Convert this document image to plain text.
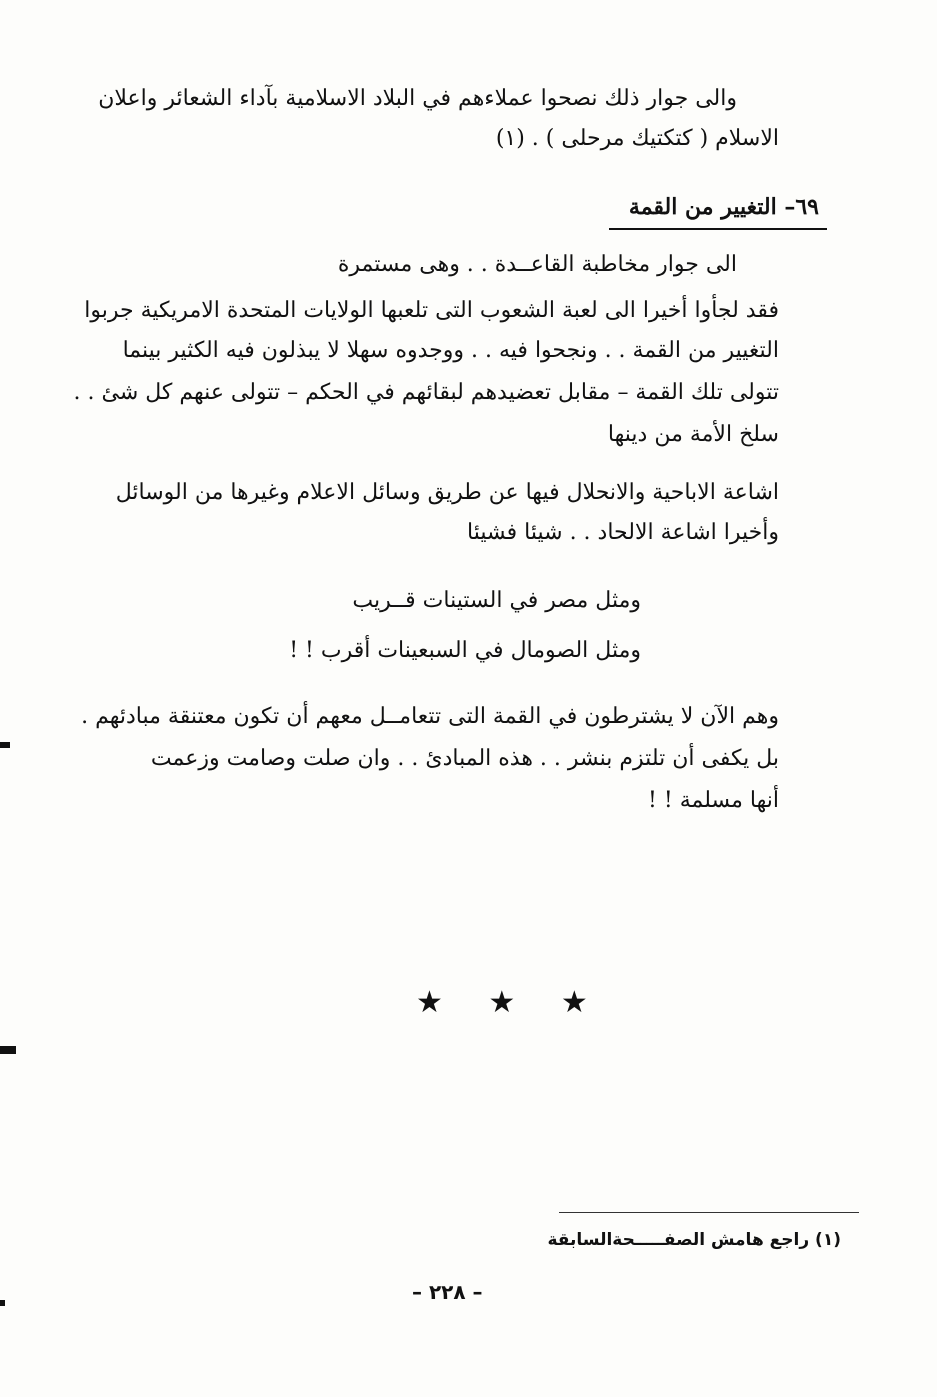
والى جوار ذلك نصحوا عملاءهم في البلاد الاسلامية بآداء الشعائر واعلان

الاسلام ( كتكتيك مرحلى ) . (١)

٦٩– التغيير من القمة

الى جوار مخاطبة القاعــدة . . وهى مستمرة

فقد لجأوا أخيرا الى لعبة الشعوب التى تلعبها الولايات المتحدة الامريكية جربوا

التغيير من القمة . . ونجحوا فيه . . ووجدوه سهلا لا يبذلون فيه الكثير بينما

تتولى تلك القمة – مقابل تعضيدهم لبقائهم في الحكم – تتولى عنهم كل شئ . .

سلخ الأمة من دينها

اشاعة الاباحية والانحلال فيها عن طريق وسائل الاعلام وغيرها من الوسائل

وأخيرا اشاعة الالحاد . . شيئا فشيئا

ومثل مصر في الستينات قــريب

ومثل الصومال في السبعينات أقرب ! !

وهم الآن لا يشترطون في القمة التى تتعامــل معهم أن تكون معتنقة مبادئهم .

بل يكفى أن تلتزم بنشر . . هذه المبادئ . . وان صلت وصامت وزعمت

أنها مسلمة ! !

★ ★ ★
(١) راجع هامش الصفـــــحةالسابقة
– ٢٢٨ –
